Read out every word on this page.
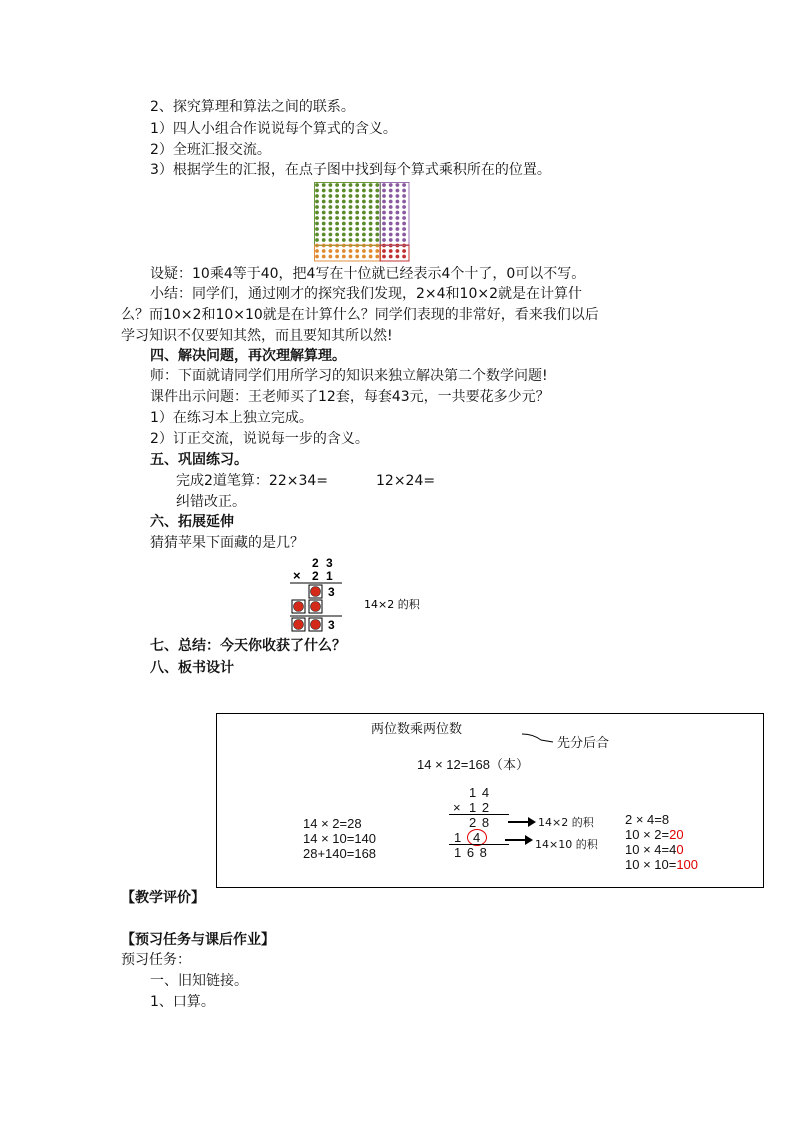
2、探究算理和算法之间的联系。
1）四人小组合作说说每个算式的含义。
2）全班汇报交流。
3）根据学生的汇报，在点子图中找到每个算式乘积所在的位置。
设疑：10乘4等于40，把4写在十位就已经表示4个十了，0可以不写。
小结：同学们，通过刚才的探究我们发现，2×4和10×2就是在计算什
么？而10×2和10×10就是在计算什么？同学们表现的非常好，看来我们以后
学习知识不仅要知其然，而且要知其所以然!
四、解决问题，再次理解算理。
师：下面就请同学们用所学习的知识来独立解决第二个数学问题!
课件出示问题：王老师买了12套，每套43元，一共要花多少元？
1）在练习本上独立完成。
2）订正交流，说说每一步的含义。
五、巩固练习。
完成2道笔算：22×34=	12×24=
纠错改正。
六、拓展延伸
猜猜苹果下面藏的是几？
2 3
× 2 1
3
14×2 的积
3
七、总结：今天你收获了什么？
八、板书设计
两位数乘两位数
先分后合
14 × 12=168（本）
14 × 2=28
14 × 10=140
28+140=168
1 4
× 1 2
2 8	14×2 的积
1 4	14×10 的积
1 6 8
2 × 4=8
10 × 2=20
10 × 4=40
10 × 10=100
【教学评价】
【预习任务与课后作业】
预习任务：
一、旧知链接。
1、口算。
